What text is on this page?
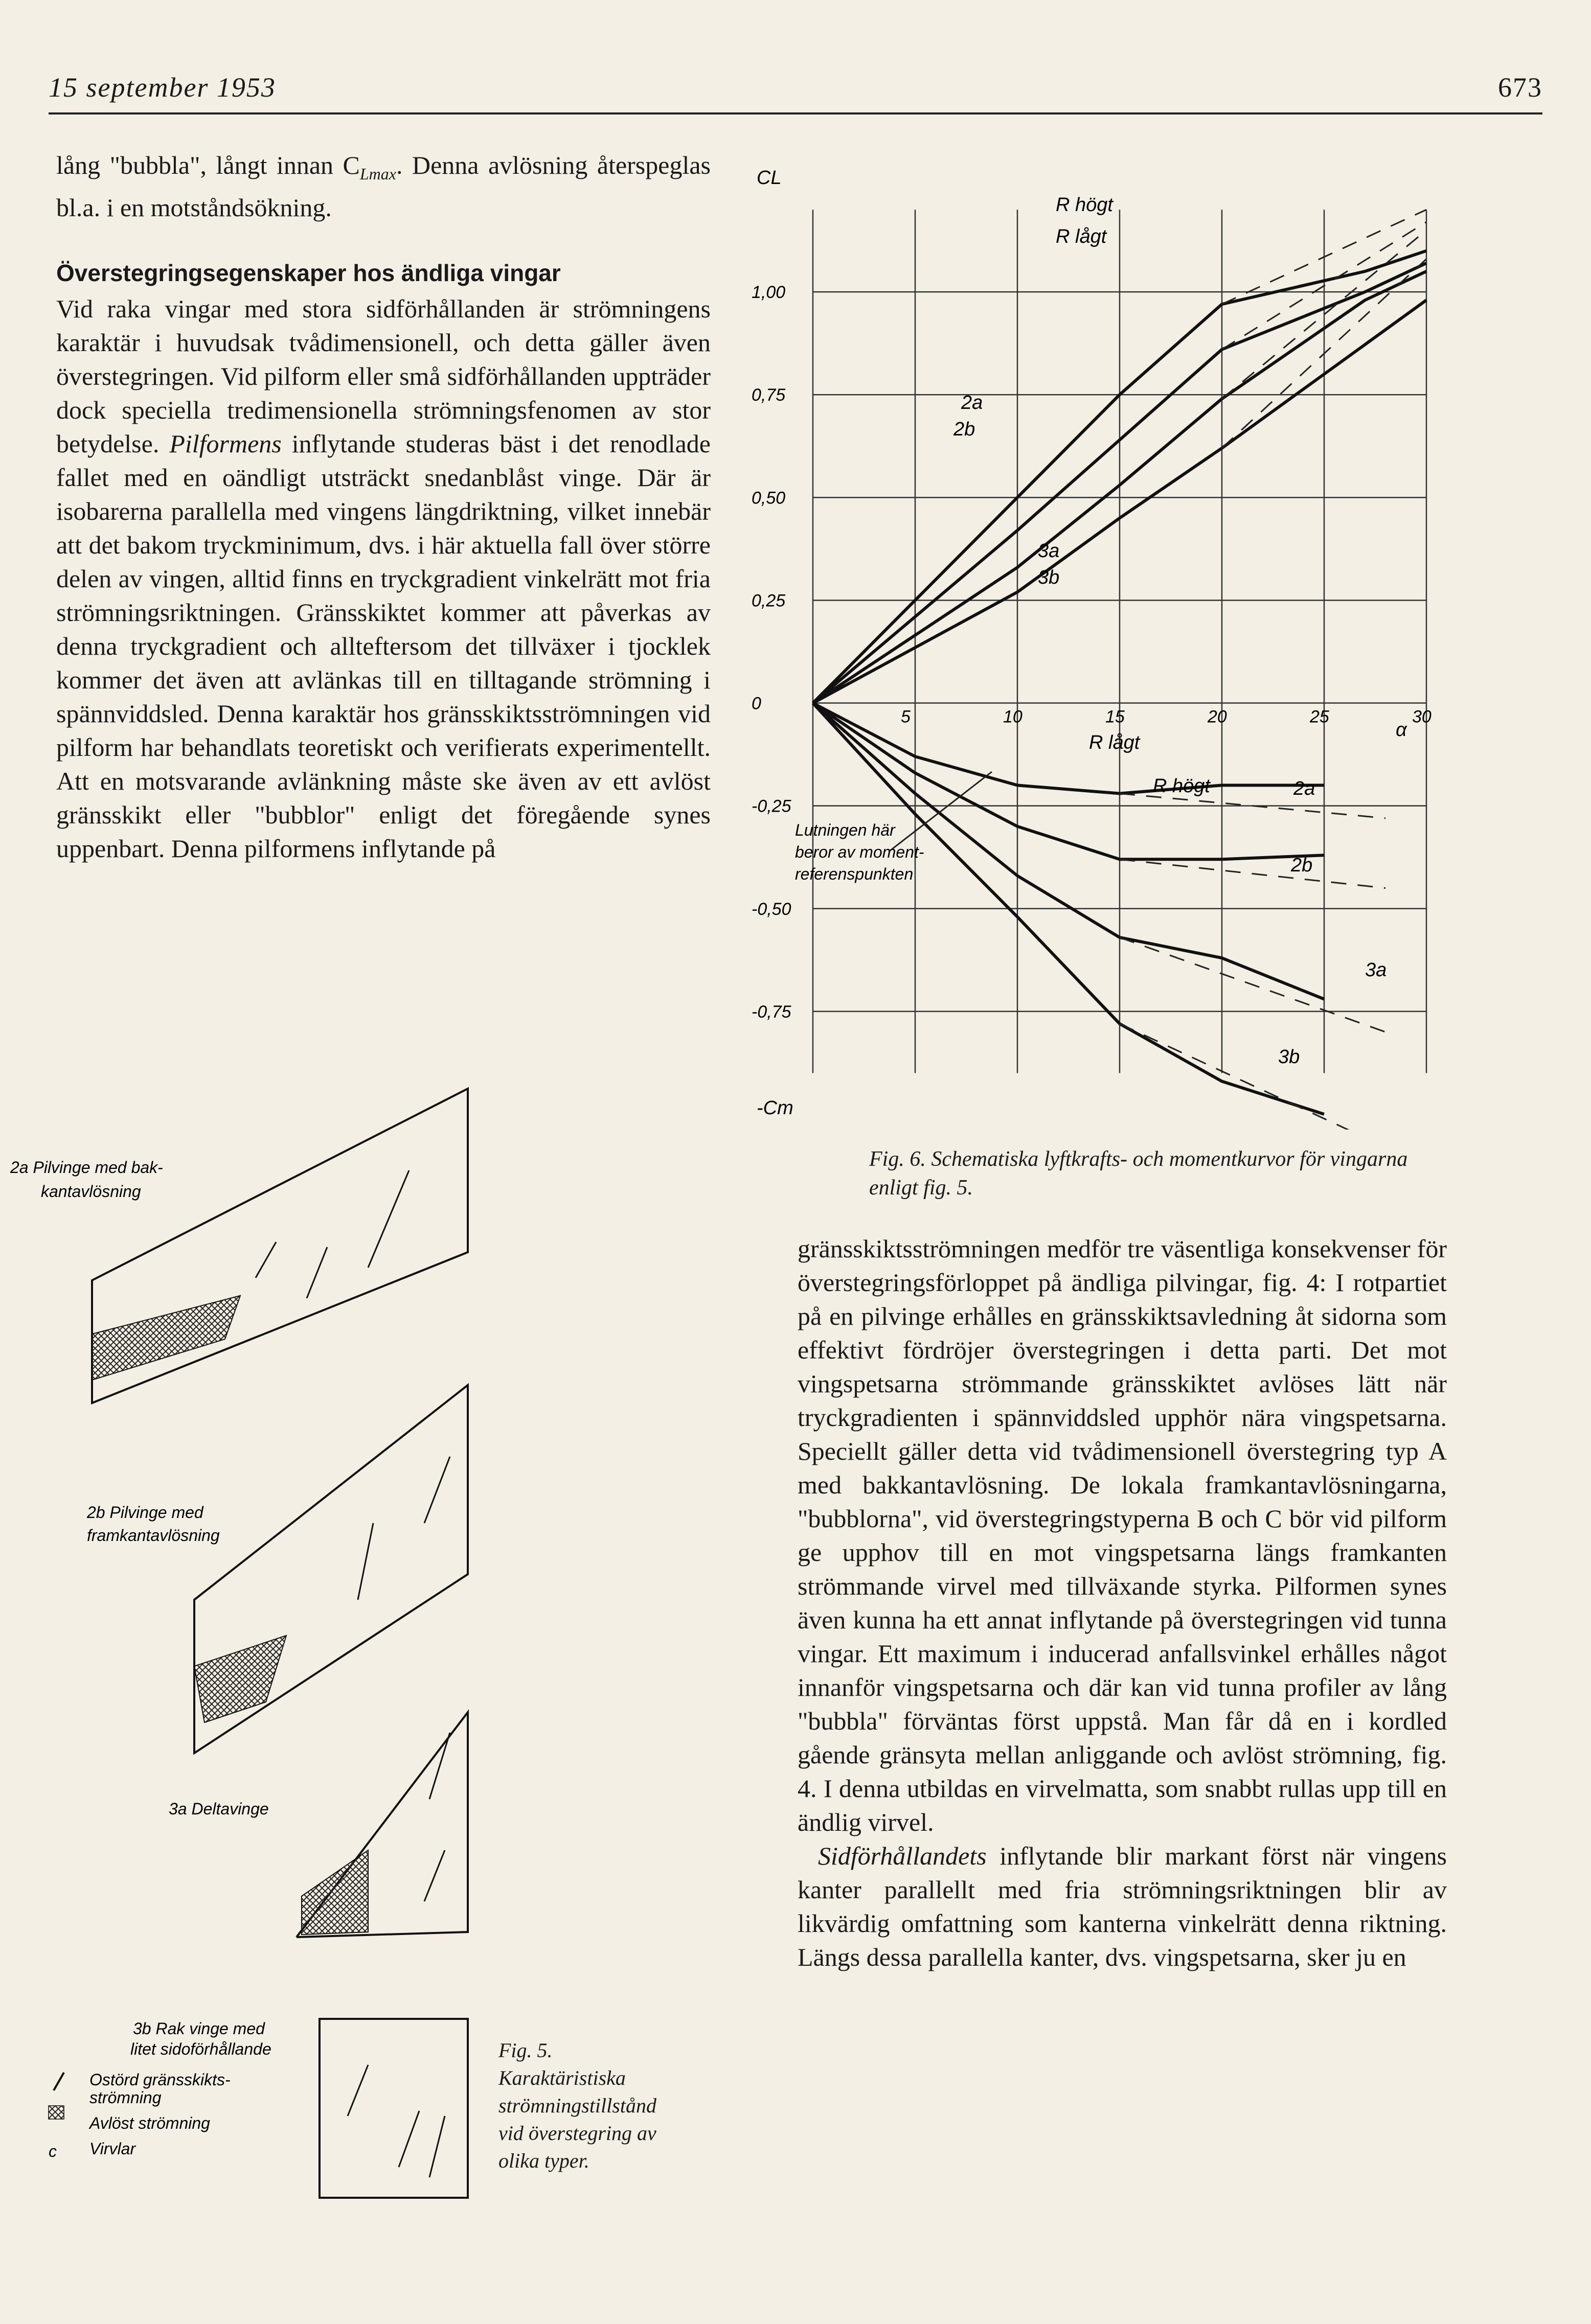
15 september 1953	673

lång "bubbla", långt innan $C_{Lmax}$. Denna avlösning återspeglas bl.a. i en motståndsökning.

Överstegringsegenskaper hos ändliga vingar

Vid raka vingar med stora sidförhållanden är strömningens karaktär i huvudsak tvådimensionell, och detta gäller även överstegringen. Vid pilform eller små sidförhållanden uppträder dock speciella tredimensionella strömningsfenomen av stor betydelse. Pilformens inflytande studeras bäst i det renodlade fallet med en oändligt utsträckt snedanblåst vinge. Där är isobarerna parallella med vingens längdriktning, vilket innebär att det bakom tryckminimum, dvs. i här aktuella fall över större delen av vingen, alltid finns en tryckgradient vinkelrätt mot fria strömningsriktningen. Gränsskiktet kommer att påverkas av denna tryckgradient och allteftersom det tillväxer i tjocklek kommer det även att avlänkas till en tilltagande strömning i spännviddsled. Denna karaktär hos gränsskiktsströmningen vid pilform har behandlats teoretiskt och verifierats experimentellt. Att en motsvarande avlänkning måste ske även av ett avlöst gränsskikt eller "bubblor" enligt det föregående synes uppenbart. Denna pilformens inflytande på

gränsskiktsströmningen medför tre väsentliga konsekvenser för överstegringsförloppet på ändliga pilvingar, fig. 4: I rotpartiet på en pilvinge erhålles en gränsskiktsavledning åt sidorna som effektivt fördröjer överstegringen i detta parti. Det mot vingspetsarna strömmande gränsskiktet avlöses lätt när tryckgradienten i spännviddsled upphör nära vingspetsarna. Speciellt gäller detta vid tvådimensionell överstegring typ A med bakkantavlösning. De lokala framkantavlösningarna, "bubblorna", vid överstegringstyperna B och C bör vid pilform ge upphov till en mot vingspetsarna längs framkanten strömmande virvel med tillväxande styrka. Pilformen synes även kunna ha ett annat inflytande på överstegringen vid tunna vingar. Ett maximum i inducerad anfallsvinkel erhålles något innanför vingspetsarna och där kan vid tunna profiler av lång "bubbla" förväntas först uppstå. Man får då en i kordled gående gränsyta mellan anliggande och avlöst strömning, fig. 4. I denna utbildas en virvelmatta, som snabbt rullas upp till en ändlig virvel.

Sidförhållandets inflytande blir markant först när vingens kanter parallellt med fria strömningsriktningen blir av likvärdig omfattning som kanterna vinkelrätt denna riktning. Längs dessa parallella kanter, dvs. vingspetsarna, sker ju en

1,00
0,75
0,50
0,25
0
-0,25
-0,50
-0,75
5	10	15	20	25	30
CL
-Cm
α
R högt
R lågt
2a
2b
3a
3b
R lågt
R högt	2a
2b
3a
3b
Lutningen här
beror av moment-
referenspunkten
Fig. 6. Schematiska lyftkrafts- och momentkurvor för vingarna enligt fig. 5.
2a Pilvinge med bak-
kantavlösning
2b Pilvinge med
framkantavlösning
3a Deltavinge
3b Rak vinge med
litet sidoförhållande
c
Ostörd gränsskikts-
strömning
Avlöst strömning
Virvlar
Fig. 5. Karaktäristiska strömningstillstånd vid överstegring av olika typer.
